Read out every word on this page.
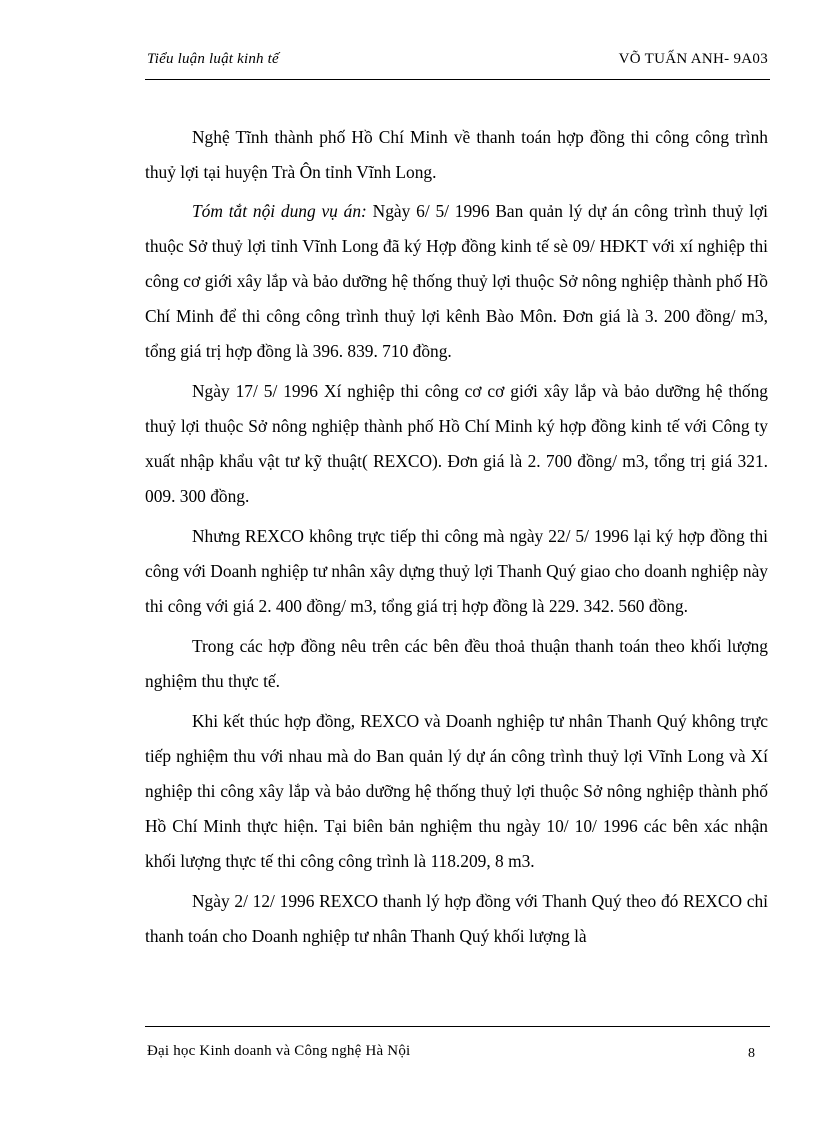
Tiểu luận luật kinh tế	VÕ TUẤN ANH- 9A03

Nghệ Tĩnh thành phố Hồ Chí Minh về thanh toán hợp đồng thi công công trình thuỷ lợi tại huyện Trà Ôn tỉnh Vĩnh Long.

Tóm tắt nội dung vụ án: Ngày 6/ 5/ 1996 Ban quản lý dự án công trình thuỷ lợi thuộc Sở thuỷ lợi tỉnh Vĩnh Long đã ký Hợp đồng kinh tế sè 09/ HĐKT với xí nghiệp thi công cơ giới xây lắp và bảo dưỡng hệ thống thuỷ lợi thuộc Sở nông nghiệp thành phố Hồ Chí Minh để thi công công trình thuỷ lợi kênh Bào Môn. Đơn giá là 3. 200 đồng/ m3, tổng giá trị hợp đồng là 396. 839. 710 đồng.

Ngày 17/ 5/ 1996 Xí nghiệp thi công cơ cơ giới xây lắp và bảo dưỡng hệ thống thuỷ lợi thuộc Sở nông nghiệp thành phố Hồ Chí Minh ký hợp đồng kinh tế với Công ty xuất nhập khẩu vật tư kỹ thuật( REXCO). Đơn giá là 2. 700 đồng/ m3, tổng trị giá 321. 009. 300 đồng.

Nhưng REXCO không trực tiếp thi công mà ngày 22/ 5/ 1996 lại ký hợp đồng thi công với Doanh nghiệp tư nhân xây dựng thuỷ lợi Thanh Quý giao cho doanh nghiệp này thi công với giá 2. 400 đồng/ m3, tổng giá trị hợp đồng là 229. 342. 560 đồng.

Trong các hợp đồng nêu trên các bên đều thoả thuận thanh toán theo khối lượng nghiệm thu thực tế.

Khi kết thúc hợp đồng, REXCO và Doanh nghiệp tư nhân Thanh Quý không trực tiếp nghiệm thu với nhau mà do Ban quản lý dự án công trình thuỷ lợi Vĩnh Long và Xí nghiệp thi công xây lắp và bảo dưỡng hệ thống thuỷ lợi thuộc Sở nông nghiệp thành phố Hồ Chí Minh thực hiện. Tại biên bản nghiệm thu ngày 10/ 10/ 1996 các bên xác nhận khối lượng thực tế thi công công trình là 118.209, 8 m3.

Ngày 2/ 12/ 1996 REXCO thanh lý hợp đồng với Thanh Quý theo đó REXCO chỉ thanh toán cho Doanh nghiệp tư nhân Thanh Quý khối lượng là

Đại học Kinh doanh và Công nghệ Hà Nội	8
